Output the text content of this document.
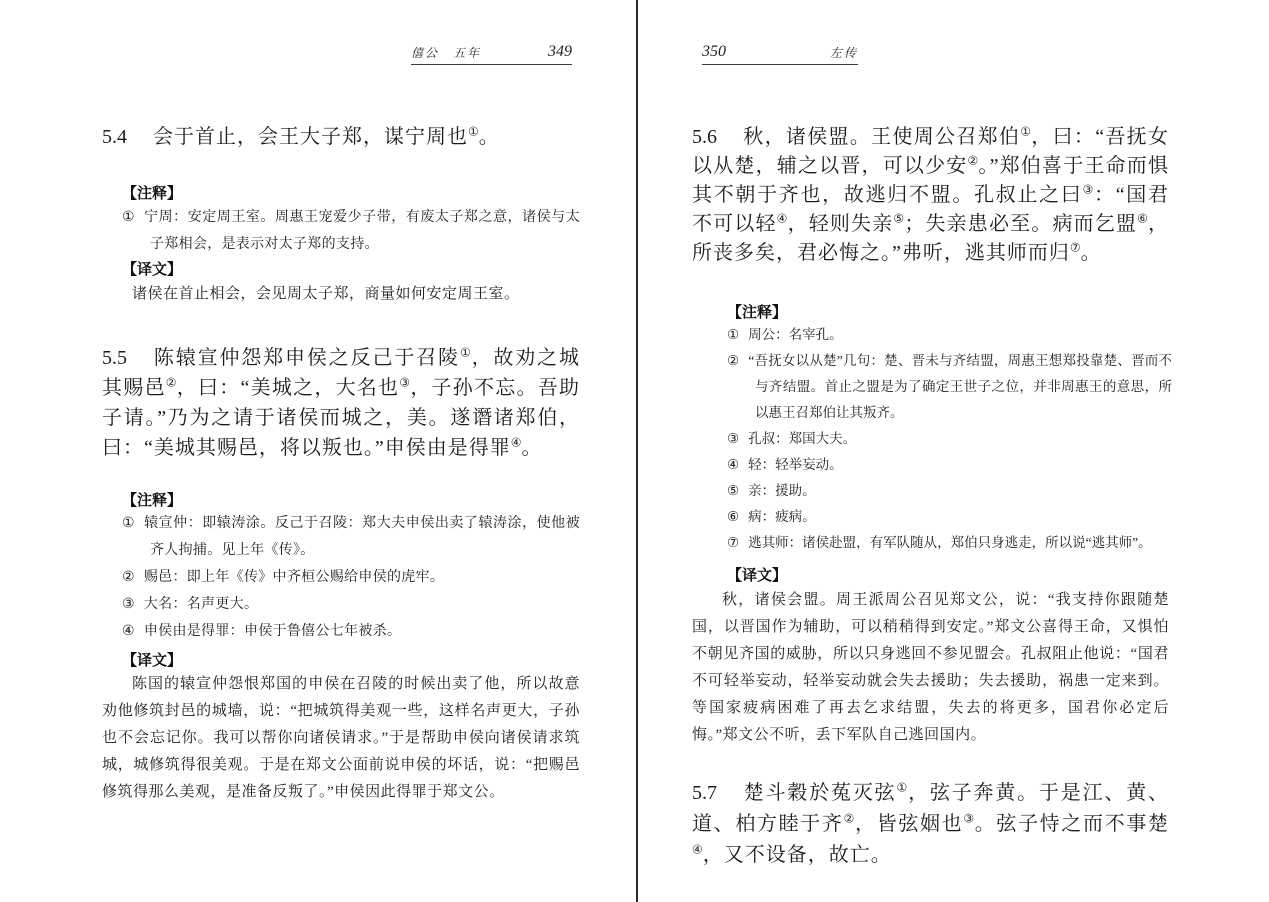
僖公　五年	349

5.4 会于首止，会王大子郑，谋宁周也①。

【注释】

① 宁周：安定周王室。周惠王宠爱少子带，有废太子郑之意，诸侯与太子郑相会，是表示对太子郑的支持。

【译文】

诸侯在首止相会，会见周太子郑，商量如何安定周王室。

5.5 陈辕宣仲怨郑申侯之反己于召陵①，故劝之城其赐邑②，曰：“美城之，大名也③，子孙不忘。吾助子请。”乃为之请于诸侯而城之，美。遂谮诸郑伯，曰：“美城其赐邑，将以叛也。”申侯由是得罪④。

【注释】

① 辕宣仲：即辕涛涂。反己于召陵：郑大夫申侯出卖了辕涛涂，使他被齐人拘捕。见上年《传》。

② 赐邑：即上年《传》中齐桓公赐给申侯的虎牢。

③ 大名：名声更大。

④ 申侯由是得罪：申侯于鲁僖公七年被杀。

【译文】

陈国的辕宣仲怨恨郑国的申侯在召陵的时候出卖了他，所以故意劝他修筑封邑的城墙，说：“把城筑得美观一些，这样名声更大，子孙也不会忘记你。我可以帮你向诸侯请求。”于是帮助申侯向诸侯请求筑城，城修筑得很美观。于是在郑文公面前说申侯的坏话，说：“把赐邑修筑得那么美观，是准备反叛了。”申侯因此得罪于郑文公。

350	左传

5.6 秋，诸侯盟。王使周公召郑伯①，曰：“吾抚女以从楚，辅之以晋，可以少安②。”郑伯喜于王命而惧其不朝于齐也，故逃归不盟。孔叔止之曰③：“国君不可以轻④，轻则失亲⑤；失亲患必至。病而乞盟⑥，所丧多矣，君必悔之。”弗听，逃其师而归⑦。

【注释】

① 周公：名宰孔。

② “吾抚女以从楚”几句：楚、晋未与齐结盟，周惠王想郑投靠楚、晋而不与齐结盟。首止之盟是为了确定王世子之位，并非周惠王的意思，所以惠王召郑伯让其叛齐。

③ 孔叔：郑国大夫。

④ 轻：轻举妄动。

⑤ 亲：援助。

⑥ 病：疲病。

⑦ 逃其师：诸侯赴盟，有军队随从，郑伯只身逃走，所以说“逃其师”。

【译文】

秋，诸侯会盟。周王派周公召见郑文公，说：“我支持你跟随楚国，以晋国作为辅助，可以稍稍得到安定。”郑文公喜得王命，又惧怕不朝见齐国的威胁，所以只身逃回不参见盟会。孔叔阻止他说：“国君不可轻举妄动，轻举妄动就会失去援助；失去援助，祸患一定来到。等国家疲病困难了再去乞求结盟，失去的将更多，国君你必定后悔。”郑文公不听，丢下军队自己逃回国内。

5.7 楚斗穀於菟灭弦①，弦子奔黄。于是江、黄、道、柏方睦于齐②，皆弦姻也③。弦子恃之而不事楚④，又不设备，故亡。
